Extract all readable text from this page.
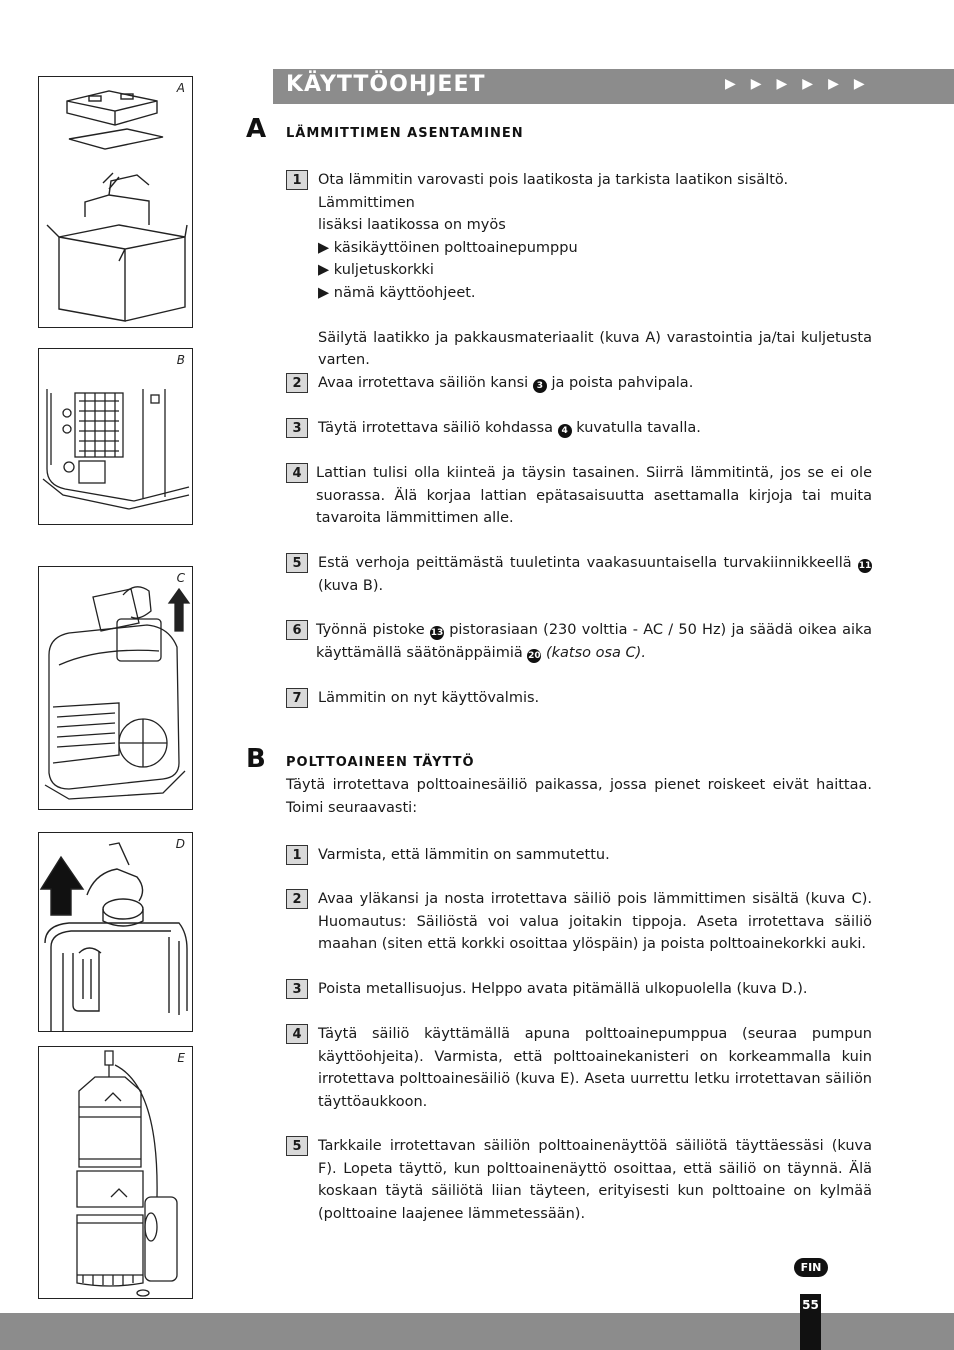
A
B
C
D
E
KÄYTTÖOHJEET	▶▶▶▶▶▶
A LÄMMITTIMEN ASENTAMINEN
1	Ota lämmitin varovasti pois laatikosta ja tarkista laatikon sisältö. Lämmittimen
lisäksi laatikossa on myös
▶ käsikäyttöinen polttoainepumppu
▶ kuljetuskorkki
▶ nämä käyttöohjeet.
Säilytä laatikko ja pakkausmateriaalit (kuva A) varastointia ja/tai kuljetusta varten.
2	Avaa irrotettava säiliön kansi 3 ja poista pahvipala.
3	Täytä irrotettava säiliö kohdassa 4 kuvatulla tavalla.
4 Lattian tulisi olla kiinteä ja täysin tasainen. Siirrä lämmitintä, jos se ei ole suorassa. Älä korjaa lattian epätasaisuutta asettamalla kirjoja tai muita tavaroita lämmittimen alle.
5	Estä verhoja peittämästä tuuletinta vaakasuuntaisella turvakiinnikkeellä 11 (kuva B).
6 Työnnä pistoke 13 pistorasiaan (230 volttia - AC / 50 Hz) ja säädä oikea aika käyttämällä säätönäppäimiä 20 (katso osa C).
7	Lämmitin on nyt käyttövalmis.
B POLTTOAINEEN TÄYTTÖ
Täytä irrotettava polttoainesäiliö paikassa, jossa pienet roiskeet eivät haittaa. Toimi seuraavasti:
1	Varmista, että lämmitin on sammutettu.
2	Avaa yläkansi ja nosta irrotettava säiliö pois lämmittimen sisältä (kuva C). Huomautus: Säiliöstä voi valua joitakin tippoja. Aseta irrotettava säiliö maahan (siten että korkki osoittaa ylöspäin) ja poista polttoainekorkki auki.
3	Poista metallisuojus. Helppo avata pitämällä ulkopuolella (kuva D.).
4	Täytä säiliö käyttämällä apuna polttoainepumppua (seuraa pumpun käyttöohjeita). Varmista, että polttoainekanisteri on korkeammalla kuin irrotettava polttoainesäiliö (kuva E). Aseta uurrettu letku irrotettavan säiliön täyttöaukkoon.
5	Tarkkaile irrotettavan säiliön polttoainenäyttöä säiliötä täyttäessäsi (kuva F). Lopeta täyttö, kun polttoainenäyttö osoittaa, että säiliö on täynnä. Älä koskaan täytä säiliötä liian täyteen, erityisesti kun polttoaine on kylmää (polttoaine laajenee lämmetessään).
FIN
55
